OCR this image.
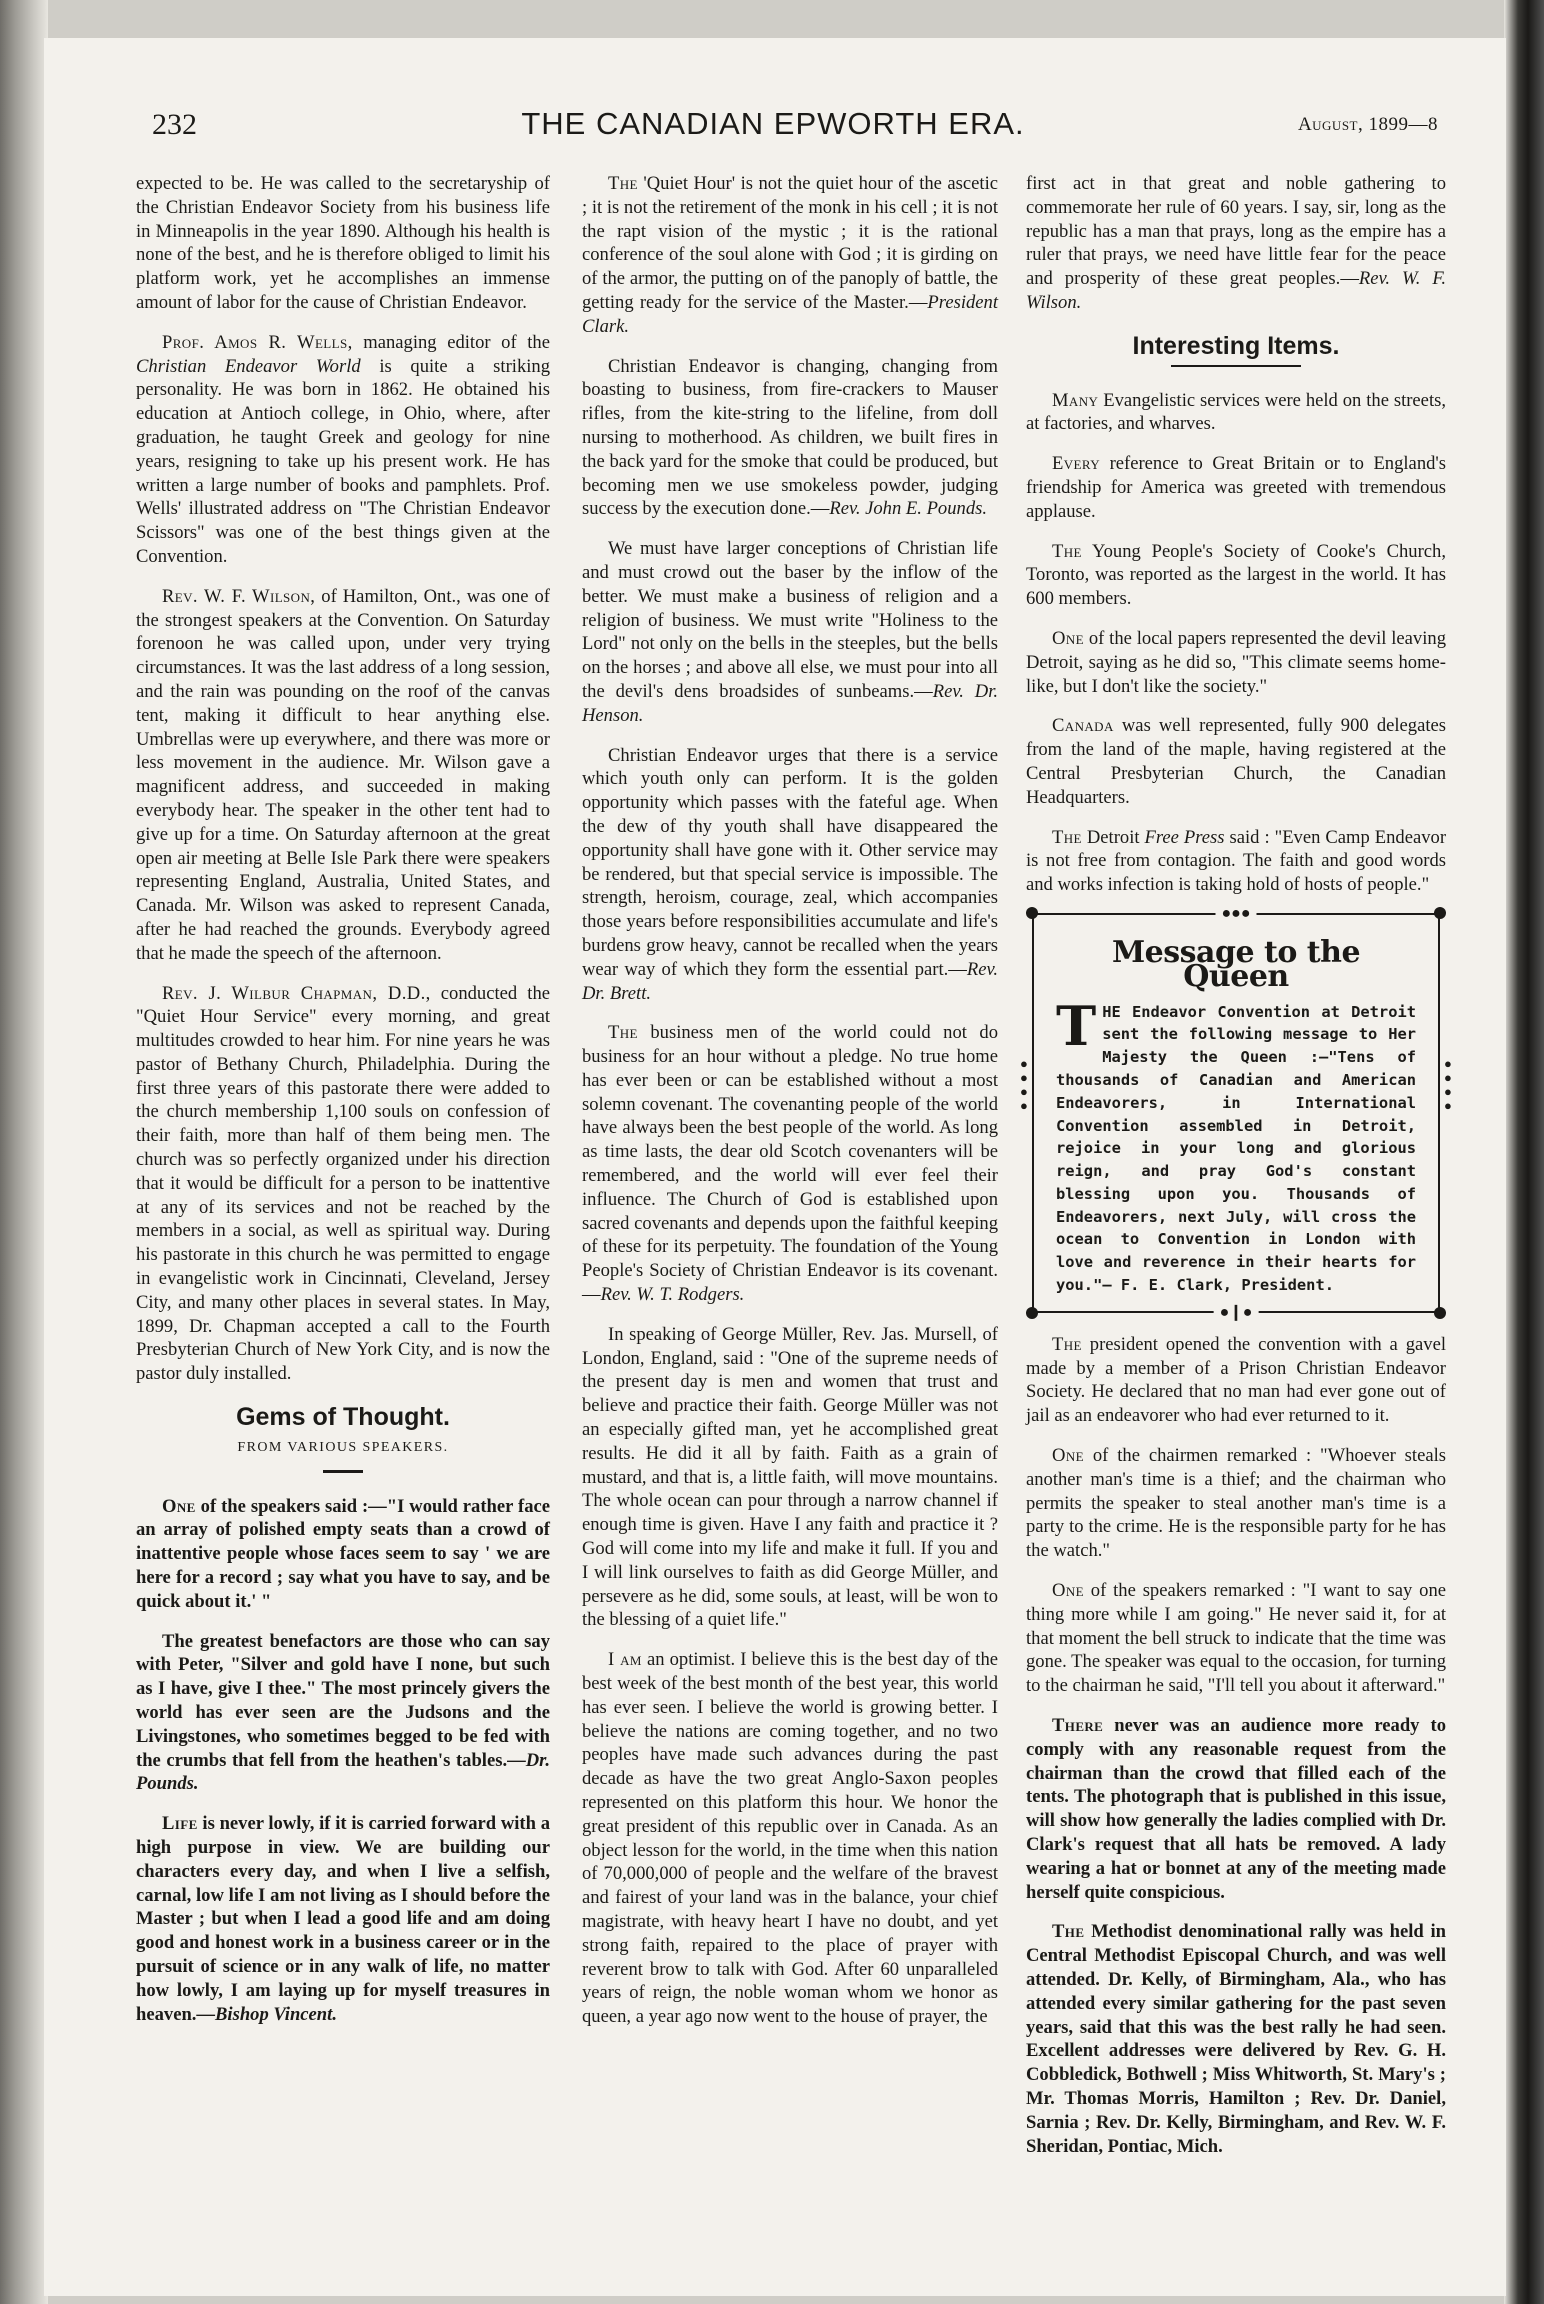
232	THE CANADIAN EPWORTH ERA.	August, 1899—8

expected to be. He was called to the secretaryship of the Christian Endeavor Society from his business life in Minneapolis in the year 1890. Although his health is none of the best, and he is therefore obliged to limit his platform work, yet he accomplishes an immense amount of labor for the cause of Christian Endeavor.

Prof. Amos R. Wells, managing editor of the Christian Endeavor World is quite a striking personality. He was born in 1862. He obtained his education at Antioch college, in Ohio, where, after graduation, he taught Greek and geology for nine years, resigning to take up his present work. He has written a large number of books and pamphlets. Prof. Wells' illustrated address on "The Christian Endeavor Scissors" was one of the best things given at the Convention.

Rev. W. F. Wilson, of Hamilton, Ont., was one of the strongest speakers at the Convention. On Saturday forenoon he was called upon, under very trying circumstances. It was the last address of a long session, and the rain was pounding on the roof of the canvas tent, making it difficult to hear anything else. Umbrellas were up everywhere, and there was more or less movement in the audience. Mr. Wilson gave a magnificent address, and succeeded in making everybody hear. The speaker in the other tent had to give up for a time. On Saturday afternoon at the great open air meeting at Belle Isle Park there were speakers representing England, Australia, United States, and Canada. Mr. Wilson was asked to represent Canada, after he had reached the grounds. Everybody agreed that he made the speech of the afternoon.

Rev. J. Wilbur Chapman, D.D., conducted the "Quiet Hour Service" every morning, and great multitudes crowded to hear him. For nine years he was pastor of Bethany Church, Philadelphia. During the first three years of this pastorate there were added to the church membership 1,100 souls on confession of their faith, more than half of them being men. The church was so perfectly organized under his direction that it would be difficult for a person to be inattentive at any of its services and not be reached by the members in a social, as well as spiritual way. During his pastorate in this church he was permitted to engage in evangelistic work in Cincinnati, Cleveland, Jersey City, and many other places in several states. In May, 1899, Dr. Chapman accepted a call to the Fourth Presbyterian Church of New York City, and is now the pastor duly installed.

Gems of Thought.
FROM VARIOUS SPEAKERS.

One of the speakers said :—"I would rather face an array of polished empty seats than a crowd of inattentive people whose faces seem to say ' we are here for a record ; say what you have to say, and be quick about it.' "

The greatest benefactors are those who can say with Peter, "Silver and gold have I none, but such as I have, give I thee." The most princely givers the world has ever seen are the Judsons and the Livingstones, who sometimes begged to be fed with the crumbs that fell from the heathen's tables.—Dr. Pounds.

Life is never lowly, if it is carried forward with a high purpose in view. We are building our characters every day, and when I live a selfish, carnal, low life I am not living as I should before the Master ; but when I lead a good life and am doing good and honest work in a business career or in the pursuit of science or in any walk of life, no matter how lowly, I am laying up for myself treasures in heaven.—Bishop Vincent.

The 'Quiet Hour' is not the quiet hour of the ascetic ; it is not the retirement of the monk in his cell ; it is not the rapt vision of the mystic ; it is the rational conference of the soul alone with God ; it is girding on of the armor, the putting on of the panoply of battle, the getting ready for the service of the Master.—President Clark.

Christian Endeavor is changing, changing from boasting to business, from fire-crackers to Mauser rifles, from the kite-string to the lifeline, from doll nursing to motherhood. As children, we built fires in the back yard for the smoke that could be produced, but becoming men we use smokeless powder, judging success by the execution done.—Rev. John E. Pounds.

We must have larger conceptions of Christian life and must crowd out the baser by the inflow of the better. We must make a business of religion and a religion of business. We must write "Holiness to the Lord" not only on the bells in the steeples, but the bells on the horses ; and above all else, we must pour into all the devil's dens broadsides of sunbeams.—Rev. Dr. Henson.

Christian Endeavor urges that there is a service which youth only can perform. It is the golden opportunity which passes with the fateful age. When the dew of thy youth shall have disappeared the opportunity shall have gone with it. Other service may be rendered, but that special service is impossible. The strength, heroism, courage, zeal, which accompanies those years before responsibilities accumulate and life's burdens grow heavy, cannot be recalled when the years wear way of which they form the essential part.—Rev. Dr. Brett.

The business men of the world could not do business for an hour without a pledge. No true home has ever been or can be established without a most solemn covenant. The covenanting people of the world have always been the best people of the world. As long as time lasts, the dear old Scotch covenanters will be remembered, and the world will ever feel their influence. The Church of God is established upon sacred covenants and depends upon the faithful keeping of these for its perpetuity. The foundation of the Young People's Society of Christian Endeavor is its covenant.—Rev. W. T. Rodgers.

In speaking of George Müller, Rev. Jas. Mursell, of London, England, said : "One of the supreme needs of the present day is men and women that trust and believe and practice their faith. George Müller was not an especially gifted man, yet he accomplished great results. He did it all by faith. Faith as a grain of mustard, and that is, a little faith, will move mountains. The whole ocean can pour through a narrow channel if enough time is given. Have I any faith and practice it ? God will come into my life and make it full. If you and I will link ourselves to faith as did George Müller, and persevere as he did, some souls, at least, will be won to the blessing of a quiet life."

I am an optimist. I believe this is the best day of the best week of the best month of the best year, this world has ever seen. I believe the world is growing better. I believe the nations are coming together, and no two peoples have made such advances during the past decade as have the two great Anglo-Saxon peoples represented on this platform this hour. We honor the great president of this republic over in Canada. As an object lesson for the world, in the time when this nation of 70,000,000 of people and the welfare of the bravest and fairest of your land was in the balance, your chief magistrate, with heavy heart I have no doubt, and yet strong faith, repaired to the place of prayer with reverent brow to talk with God. After 60 unparalleled years of reign, the noble woman whom we honor as queen, a year ago now went to the house of prayer, the

first act in that great and noble gathering to commemorate her rule of 60 years. I say, sir, long as the republic has a man that prays, long as the empire has a ruler that prays, we need have little fear for the peace and prosperity of these great peoples.—Rev. W. F. Wilson.

Interesting Items.

Many Evangelistic services were held on the streets, at factories, and wharves.

Every reference to Great Britain or to England's friendship for America was greeted with tremendous applause.

The Young People's Society of Cooke's Church, Toronto, was reported as the largest in the world. It has 600 members.

One of the local papers represented the devil leaving Detroit, saying as he did so, "This climate seems home-like, but I don't like the society."

Canada was well represented, fully 900 delegates from the land of the maple, having registered at the Central Presbyterian Church, the Canadian Headquarters.

The Detroit Free Press said : "Even Camp Endeavor is not free from contagion. The faith and good words and works infection is taking hold of hosts of people."

●●●
●❙●
●
●
●
●
●
●
●
●
Message to the Queen
THE Endeavor Convention at Detroit sent the following message to Her Majesty the Queen :—"Tens of thousands of Canadian and American Endeavorers, in International Convention assembled in Detroit, rejoice in your long and glorious reign, and pray God's constant blessing upon you. Thousands of Endeavorers, next July, will cross the ocean to Convention in London with love and reverence in their hearts for you."— F. E. Clark, President.

The president opened the convention with a gavel made by a member of a Prison Christian Endeavor Society. He declared that no man had ever gone out of jail as an endeavorer who had ever returned to it.

One of the chairmen remarked : "Whoever steals another man's time is a thief; and the chairman who permits the speaker to steal another man's time is a party to the crime. He is the responsible party for he has the watch."

One of the speakers remarked : "I want to say one thing more while I am going." He never said it, for at that moment the bell struck to indicate that the time was gone. The speaker was equal to the occasion, for turning to the chairman he said, "I'll tell you about it afterward."

There never was an audience more ready to comply with any reasonable request from the chairman than the crowd that filled each of the tents. The photograph that is published in this issue, will show how generally the ladies complied with Dr. Clark's request that all hats be removed. A lady wearing a hat or bonnet at any of the meeting made herself quite conspicious.

The Methodist denominational rally was held in Central Methodist Episcopal Church, and was well attended. Dr. Kelly, of Birmingham, Ala., who has attended every similar gathering for the past seven years, said that this was the best rally he had seen. Excellent addresses were delivered by Rev. G. H. Cobbledick, Bothwell ; Miss Whitworth, St. Mary's ; Mr. Thomas Morris, Hamilton ; Rev. Dr. Daniel, Sarnia ; Rev. Dr. Kelly, Birmingham, and Rev. W. F. Sheridan, Pontiac, Mich.
